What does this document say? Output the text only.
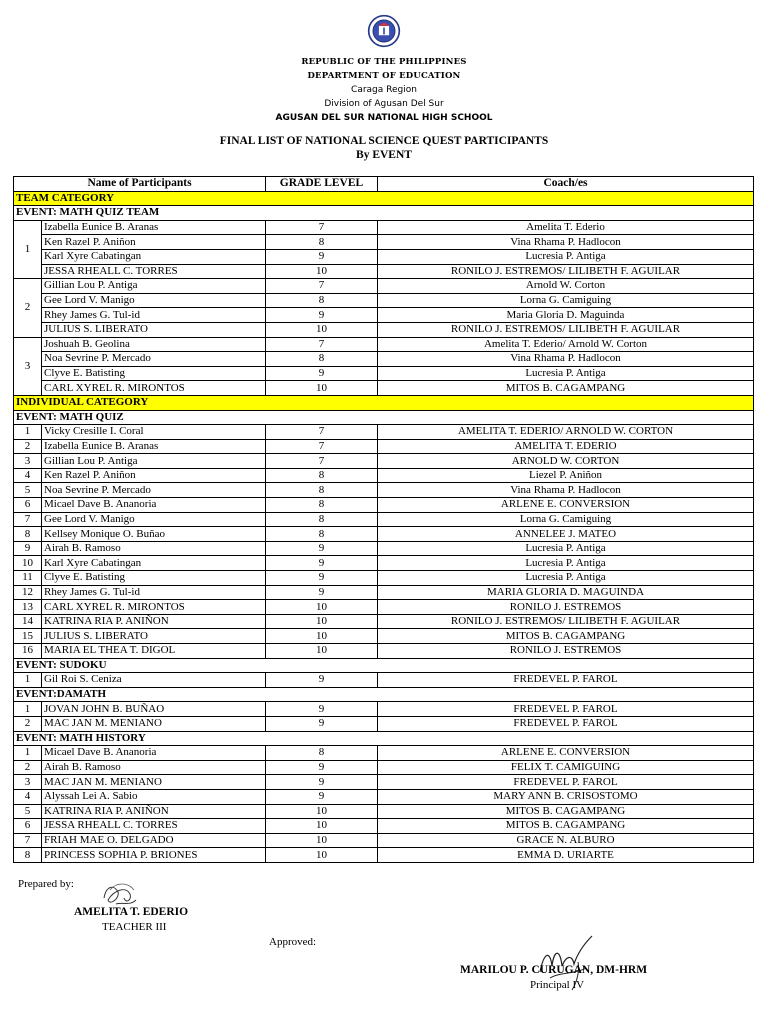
REPUBLIC OF THE PHILIPPINES
DEPARTMENT OF EDUCATION
Caraga Region
Division of Agusan Del Sur
AGUSAN DEL SUR NATIONAL HIGH SCHOOL
FINAL LIST OF NATIONAL SCIENCE QUEST PARTICIPANTS
By EVENT
Name of Participants		GRADE LEVEL	Coach/es
TEAM CATEGORY			
EVENT: MATH QUIZ TEAM			
1	Izabella Eunice B. Aranas	7	Amelita T. Ederio
	Ken Razel P. Aniñon	8	Vina Rhama P. Hadlocon
	Karl Xyre Cabatingan	9	Lucresia P. Antiga
	JESSA RHEALL C. TORRES	10	RONILO J. ESTREMOS/ LILIBETH F. AGUILAR
2	Gillian Lou P. Antiga	7	Arnold W. Corton
	Gee Lord V. Manigo	8	Lorna G. Camiguing
	Rhey James G. Tul-id	9	Maria Gloria D. Maguinda
	JULIUS S. LIBERATO	10	RONILO J. ESTREMOS/ LILIBETH F. AGUILAR
3	Joshuah B. Geolina	7	Amelita T. Ederio/ Arnold W. Corton
	Noa Sevrine P. Mercado	8	Vina Rhama P. Hadlocon
	Clyve E. Batisting	9	Lucresia P. Antiga
	CARL XYREL R. MIRONTOS	10	MITOS B. CAGAMPANG
INDIVIDUAL CATEGORY			
EVENT: MATH QUIZ			
1	Vicky Cresille I. Coral	7	AMELITA T. EDERIO/ ARNOLD W. CORTON
2	Izabella Eunice B. Aranas	7	AMELITA T. EDERIO
3	Gillian Lou P. Antiga	7	ARNOLD W. CORTON
4	Ken Razel P. Aniñon	8	Liezel P. Aniñon
5	Noa Sevrine P. Mercado	8	Vina Rhama P. Hadlocon
6	Micael Dave B. Ananoria	8	ARLENE E. CONVERSION
7	Gee Lord V. Manigo	8	Lorna G. Camiguing
8	Kellsey Monique O. Buñao	8	ANNELEE J. MATEO
9	Airah B. Ramoso	9	Lucresia P. Antiga
10	Karl Xyre Cabatingan	9	Lucresia P. Antiga
11	Clyve E. Batisting	9	Lucresia P. Antiga
12	Rhey James G. Tul-id	9	MARIA GLORIA D. MAGUINDA
13	CARL XYREL R. MIRONTOS	10	RONILO J. ESTREMOS
14	KATRINA RIA P. ANIÑON	10	RONILO J. ESTREMOS/ LILIBETH F. AGUILAR
15	JULIUS S. LIBERATO	10	MITOS B. CAGAMPANG
16	MARIA EL THEA T. DIGOL	10	RONILO J. ESTREMOS
EVENT: SUDOKU			
1	Gil Roi S. Ceniza	9	FREDEVEL P. FAROL
EVENT:DAMATH			
1	JOVAN JOHN B. BUÑAO	9	FREDEVEL P. FAROL
2	MAC JAN M. MENIANO	9	FREDEVEL P. FAROL
EVENT: MATH HISTORY			
1	Micael Dave B. Ananoria	8	ARLENE E. CONVERSION
2	Airah B. Ramoso	9	FELIX T. CAMIGUING
3	MAC JAN M. MENIANO	9	FREDEVEL P. FAROL
4	Alyssah Lei A. Sabio	9	MARY ANN B. CRISOSTOMO
5	KATRINA RIA P. ANIÑON	10	MITOS B. CAGAMPANG
6	JESSA RHEALL C. TORRES	10	MITOS B. CAGAMPANG
7	FRIAH MAE O. DELGADO	10	GRACE N. ALBURO
8	PRINCESS SOPHIA P. BRIONES	10	EMMA D. URIARTE
Prepared by:
AMELITA T. EDERIO
TEACHER III
Approved:
MARILOU P. CURUGAN, DM-HRM
Principal IV
